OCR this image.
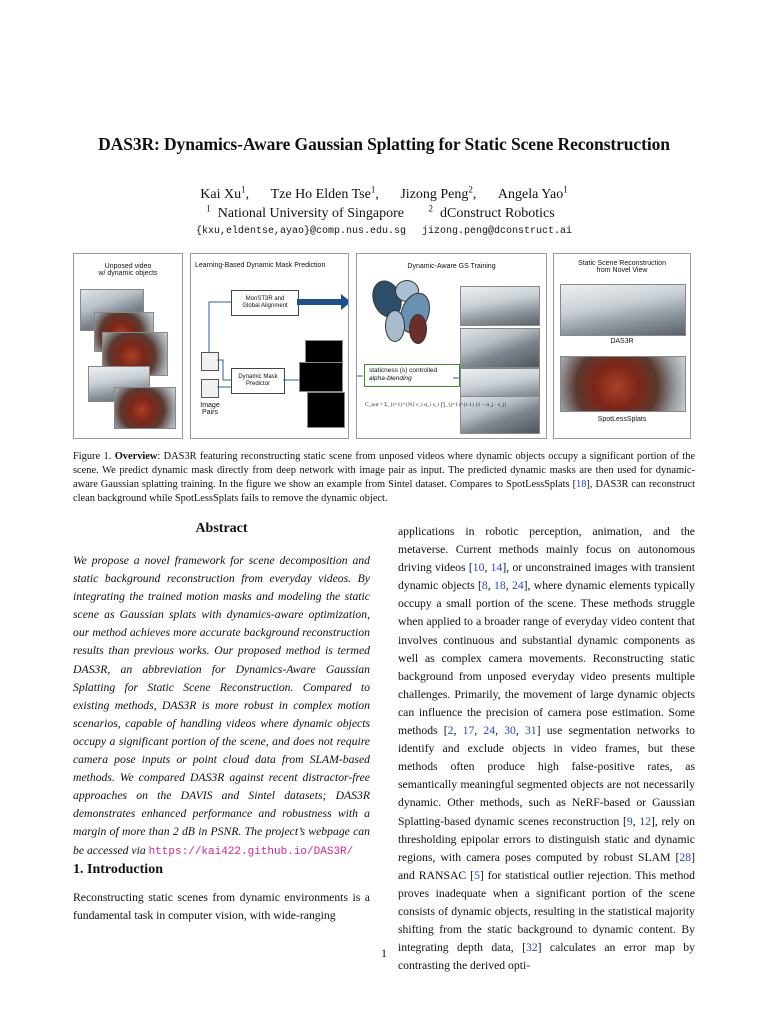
DAS3R: Dynamics-Aware Gaussian Splatting for Static Scene Reconstruction
Kai Xu$^1$, Tze Ho Elden Tse$^1$, Jizong Peng$^2$, Angela Yao$^1$
$^1$ National University of Singapore	$^2$ dConstruct Robotics
{kxu,eldentse,ayao}@comp.nus.edu.sg jizong.peng@dconstruct.ai
Unposed video
w/ dynamic objects
Learning-Based Dynamic Mask Prediction
MonST3R and
Global Alignment
Dynamic Mask
Predictor
Image
Pairs
Dynamic-Aware GS Training
staticness (s) controlled
alpha-blending
C_out = Σ_{i=1}^{N} c_i α_i s_i ∏_{j=1}^{i-1} (1 − α_j · s_j)
Static Scene Reconstruction
from Novel View
DAS3R
SpotLessSplats
Figure 1. Overview: DAS3R featuring reconstructing static scene from unposed videos where dynamic objects occupy a significant portion of the scene. We predict dynamic mask directly from deep network with image pair as input. The predicted dynamic masks are then used for dynamic-aware Gaussian splatting training. In the figure we show an example from Sintel dataset. Compares to SpotLessSplats [18], DAS3R can reconstruct clean background while SpotLessSplats fails to remove the dynamic object.
Abstract
We propose a novel framework for scene decomposition and static background reconstruction from everyday videos. By integrating the trained motion masks and modeling the static scene as Gaussian splats with dynamics-aware optimization, our method achieves more accurate background reconstruction results than previous works. Our proposed method is termed DAS3R, an abbreviation for Dynamics-Aware Gaussian Splatting for Static Scene Reconstruction. Compared to existing methods, DAS3R is more robust in complex motion scenarios, capable of handling videos where dynamic objects occupy a significant portion of the scene, and does not require camera pose inputs or point cloud data from SLAM-based methods. We compared DAS3R against recent distractor-free approaches on the DAVIS and Sintel datasets; DAS3R demonstrates enhanced performance and robustness with a margin of more than 2 dB in PSNR. The project’s webpage can be accessed via https://kai422.github.io/DAS3R/
1. Introduction
Reconstructing static scenes from dynamic environments is a fundamental task in computer vision, with wide-ranging
applications in robotic perception, animation, and the metaverse. Current methods mainly focus on autonomous driving videos [10, 14], or unconstrained images with transient dynamic objects [8, 18, 24], where dynamic elements typically occupy a small portion of the scene. These methods struggle when applied to a broader range of everyday video content that involves continuous and substantial dynamic components as well as complex camera movements. Reconstructing static background from unposed everyday video presents multiple challenges. Primarily, the movement of large dynamic objects can influence the precision of camera pose estimation. Some methods [2, 17, 24, 30, 31] use segmentation networks to identify and exclude objects in video frames, but these methods often produce high false-positive rates, as semantically meaningful segmented objects are not necessarily dynamic. Other methods, such as NeRF-based or Gaussian Splatting-based dynamic scenes reconstruction [9, 12], rely on thresholding epipolar errors to distinguish static and dynamic regions, with camera poses computed by robust SLAM [28] and RANSAC [5] for statistical outlier rejection. This method proves inadequate when a significant portion of the scene consists of dynamic objects, resulting in the statistical majority shifting from the static background to dynamic content. By integrating depth data, [32] calculates an error map by contrasting the derived opti-
1
